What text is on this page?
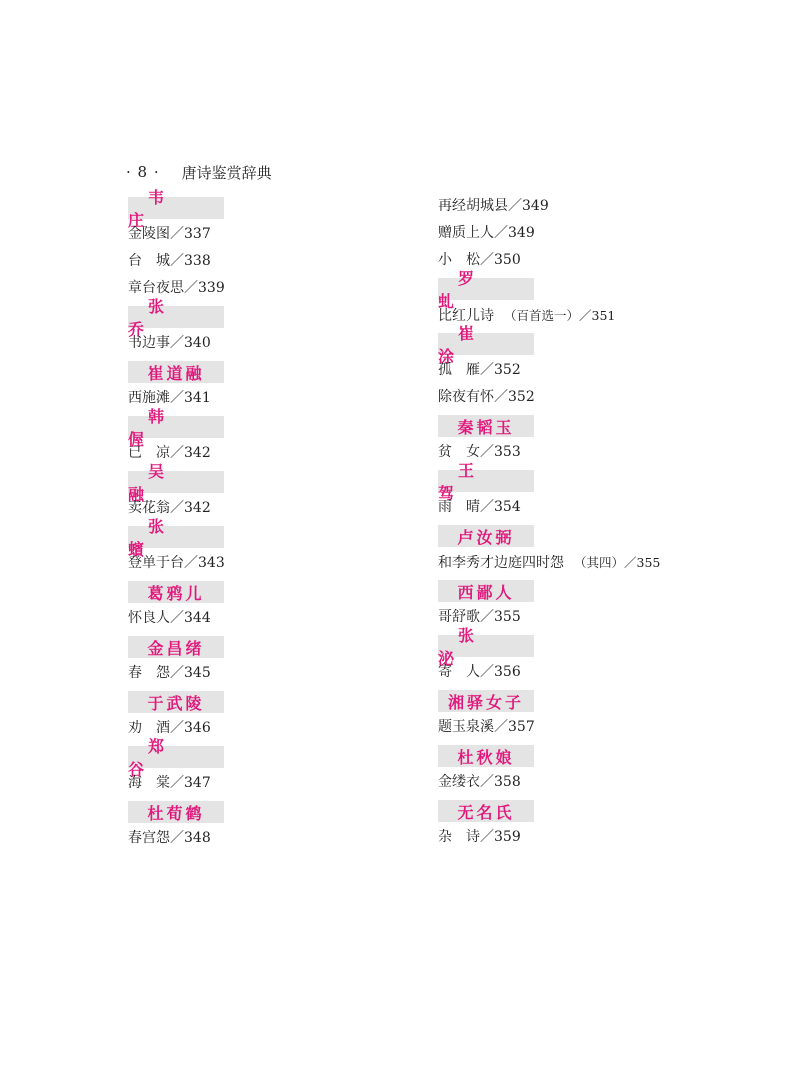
· 8 · 唐诗鉴赏辞典
韦 庄
金陵图／337
台　城／338
章台夜思／339
张 乔
书边事／340
崔道融
西施滩／341
韩 偓
已　凉／342
吴 融
卖花翁／342
张 蠙
登单于台／343
葛鸦儿
怀良人／344
金昌绪
春　怨／345
于武陵
劝　酒／346
郑 谷
海　棠／347
杜荀鹤
春宫怨／348
再经胡城县／349
赠质上人／349
小　松／350
罗 虬
比红儿诗 （百首选一）／351
崔 涂
孤　雁／352
除夜有怀／352
秦韬玉
贫　女／353
王 驾
雨　晴／354
卢汝弼
和李秀才边庭四时怨 （其四）／355
西鄙人
哥舒歌／355
张 泌
寄　人／356
湘驿女子
题玉泉溪／357
杜秋娘
金缕衣／358
无名氏
杂　诗／359
